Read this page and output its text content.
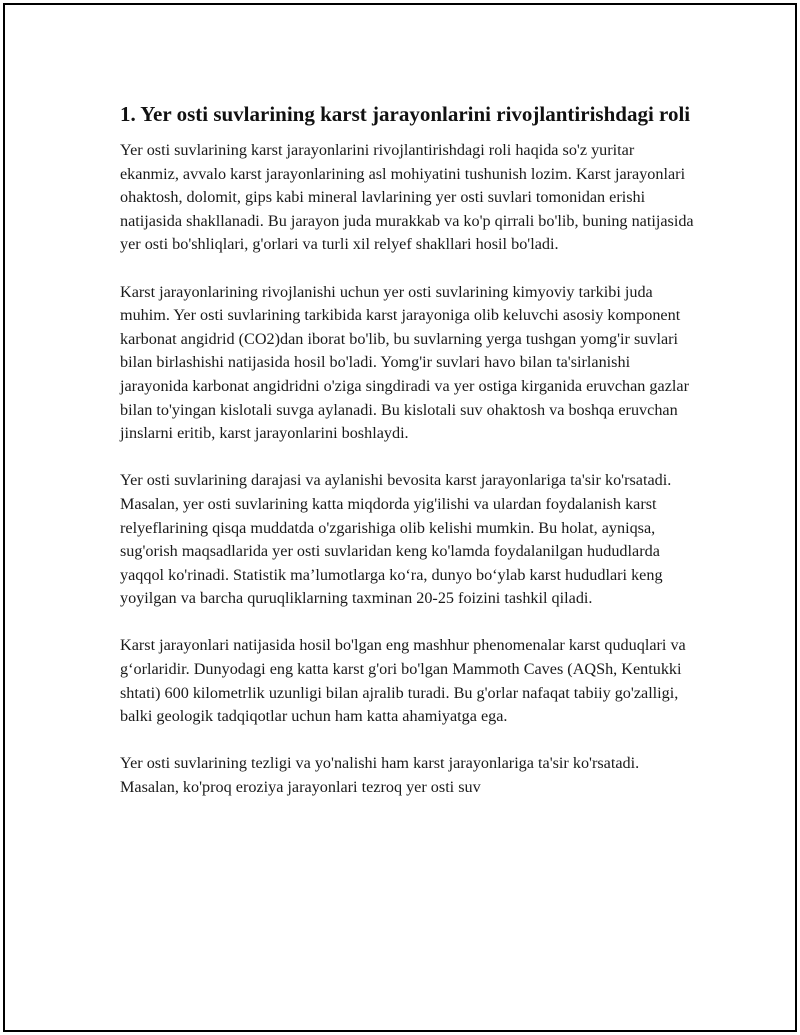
1. Yer osti suvlarining karst jarayonlarini rivojlantirishdagi roli

Yer osti suvlarining karst jarayonlarini rivojlantirishdagi roli haqida so'z yuritar ekanmiz, avvalo karst jarayonlarining asl mohiyatini tushunish lozim. Karst jarayonlari ohaktosh, dolomit, gips kabi mineral lavlarining yer osti suvlari tomonidan erishi natijasida shakllanadi. Bu jarayon juda murakkab va ko'p qirrali bo'lib, buning natijasida yer osti bo'shliqlari, g'orlari va turli xil relyef shakllari hosil bo'ladi.

Karst jarayonlarining rivojlanishi uchun yer osti suvlarining kimyoviy tarkibi juda muhim. Yer osti suvlarining tarkibida karst jarayoniga olib keluvchi asosiy komponent karbonat angidrid (CO2)dan iborat bo'lib, bu suvlarning yerga tushgan yomg'ir suvlari bilan birlashishi natijasida hosil bo'ladi. Yomg'ir suvlari havo bilan ta'sirlanishi jarayonida karbonat angidridni o'ziga singdiradi va yer ostiga kirganida eruvchan gazlar bilan to'yingan kislotali suvga aylanadi. Bu kislotali suv ohaktosh va boshqa eruvchan jinslarni eritib, karst jarayonlarini boshlaydi.

Yer osti suvlarining darajasi va aylanishi bevosita karst jarayonlariga ta'sir ko'rsatadi. Masalan, yer osti suvlarining katta miqdorda yig'ilishi va ulardan foydalanish karst relyeflarining qisqa muddatda o'zgarishiga olib kelishi mumkin. Bu holat, ayniqsa, sug'orish maqsadlarida yer osti suvlaridan keng ko'lamda foydalanilgan hududlarda yaqqol ko'rinadi. Statistik ma’lumotlarga ko‘ra, dunyo bo‘ylab karst hududlari keng yoyilgan va barcha quruqliklarning taxminan 20-25 foizini tashkil qiladi.

Karst jarayonlari natijasida hosil bo'lgan eng mashhur phenomenalar karst quduqlari va g‘orlaridir. Dunyodagi eng katta karst g'ori bo'lgan Mammoth Caves (AQSh, Kentukki shtati) 600 kilometrlik uzunligi bilan ajralib turadi. Bu g'orlar nafaqat tabiiy go'zalligi, balki geologik tadqiqotlar uchun ham katta ahamiyatga ega.

Yer osti suvlarining tezligi va yo'nalishi ham karst jarayonlariga ta'sir ko'rsatadi. Masalan, ko'proq eroziya jarayonlari tezroq yer osti suv
